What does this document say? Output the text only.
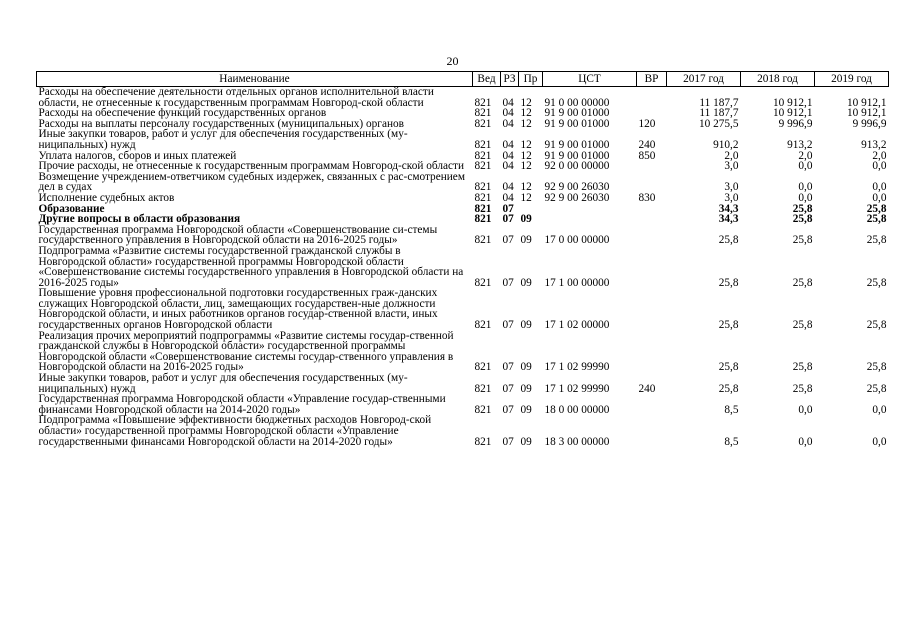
20
Наименование	Вед	РЗ	Пр	ЦСТ	ВР	2017 год	2018 год	2019 год
Расходы на обеспечение деятельности отдельных органов исполнительной власти области, не отнесенные к государственным программам Новгород-ской области	821	04	12	91 0 00 00000		11 187,7	10 912,1	10 912,1
Расходы на обеспечение функций государственных органов	821	04	12	91 9 00 01000		11 187,7	10 912,1	10 912,1
Расходы на выплаты персоналу государственных (муниципальных) органов	821	04	12	91 9 00 01000	120	10 275,5	9 996,9	9 996,9
Иные закупки товаров, работ и услуг для обеспечения государственных (му-ниципальных) нужд	821	04	12	91 9 00 01000	240	910,2	913,2	913,2
Уплата налогов, сборов и иных платежей	821	04	12	91 9 00 01000	850	2,0	2,0	2,0
Прочие расходы, не отнесенные к государственным программам Новгород-ской области	821	04	12	92 0 00 00000		3,0	0,0	0,0
Возмещение учреждением-ответчиком судебных издержек, связанных с рас-смотрением дел в судах	821	04	12	92 9 00 26030		3,0	0,0	0,0
Исполнение судебных актов	821	04	12	92 9 00 26030	830	3,0	0,0	0,0
Образование	821	07				34,3	25,8	25,8
Другие вопросы в области образования	821	07	09			34,3	25,8	25,8
Государственная программа Новгородской области «Совершенствование си-стемы государственного управления в Новгородской области на 2016-2025 годы»	821	07	09	17 0 00 00000		25,8	25,8	25,8
Подпрограмма «Развитие системы государственной гражданской службы в Новгородской области» государственной программы Новгородской области «Совершенствование системы государственного управления в Новгородской области на 2016-2025 годы»	821	07	09	17 1 00 00000		25,8	25,8	25,8
Повышение уровня профессиональной подготовки государственных граж-данских служащих Новгородской области, лиц, замещающих государствен-ные должности Новгородской области, и иных работников органов государ-ственной власти, иных государственных органов Новгородской области	821	07	09	17 1 02 00000		25,8	25,8	25,8
Реализация прочих мероприятий подпрограммы «Развитие системы государ-ственной гражданской службы в Новгородской области» государственной программы Новгородской области «Совершенствование системы государ-ственного управления в Новгородской области на 2016-2025 годы»	821	07	09	17 1 02 99990		25,8	25,8	25,8
Иные закупки товаров, работ и услуг для обеспечения государственных (му-ниципальных) нужд	821	07	09	17 1 02 99990	240	25,8	25,8	25,8
Государственная программа Новгородской области «Управление государ-ственными финансами Новгородской области на 2014-2020 годы»	821	07	09	18 0 00 00000		8,5	0,0	0,0
Подпрограмма «Повышение эффективности бюджетных расходов Новгород-ской области» государственной программы Новгородской области «Управление государственными финансами Новгородской области на 2014-2020 годы»	821	07	09	18 3 00 00000		8,5	0,0	0,0
